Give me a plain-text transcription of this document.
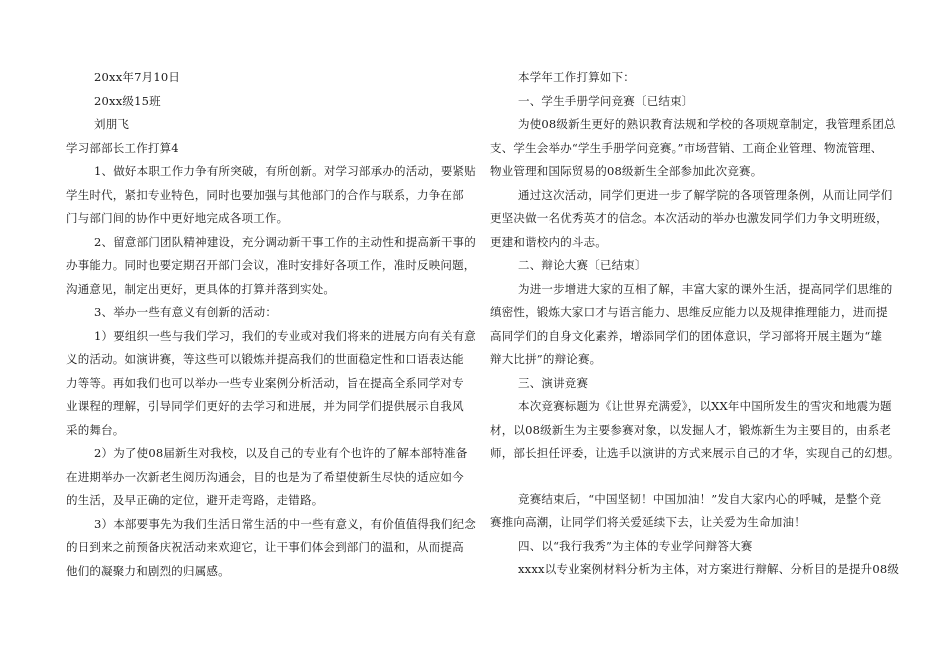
20xx年7月10日
20xx级15班
刘朋飞
学习部部长工作打算4
1、做好本职工作力争有所突破，有所创新。对学习部承办的活动，要紧贴
学生时代，紧扣专业特色，同时也要加强与其他部门的合作与联系，力争在部
门与部门间的协作中更好地完成各项工作。
2、留意部门团队精神建设，充分调动新干事工作的主动性和提高新干事的
办事能力。同时也要定期召开部门会议，准时安排好各项工作，准时反映问题，
沟通意见，制定出更好，更具体的打算并落到实处。
3、举办一些有意义有创新的活动：
1）要组织一些与我们学习，我们的专业或对我们将来的进展方向有关有意
义的活动。如演讲赛，等这些可以锻炼并提高我们的世面稳定性和口语表达能
力等等。再如我们也可以举办一些专业案例分析活动，旨在提高全系同学对专
业课程的理解，引导同学们更好的去学习和进展，并为同学们提供展示自我风
采的舞台。
2）为了使08届新生对我校，以及自己的专业有个也许的了解本部特准备
在进期举办一次新老生阅历沟通会，目的也是为了希望使新生尽快的适应如今
的生活，及早正确的定位，避开走弯路，走错路。
3）本部要事先为我们生活日常生活的中一些有意义，有价值值得我们纪念
的日到来之前预备庆祝活动来欢迎它，让干事们体会到部门的温和，从而提高
他们的凝聚力和剧烈的归属感。
本学年工作打算如下：
一、学生手册学问竞赛〔已结束〕
为使08级新生更好的熟识教育法规和学校的各项规章制定，我管理系团总
支、学生会举办“学生手册学问竞赛。”市场营销、工商企业管理、物流管理、
物业管理和国际贸易的08级新生全部参加此次竞赛。
通过这次活动，同学们更进一步了解学院的各项管理条例，从而让同学们
更坚决做一名优秀英才的信念。本次活动的举办也激发同学们力争文明班级，
更建和谐校内的斗志。
二、辩论大赛〔已结束〕
为进一步增进大家的互相了解，丰富大家的课外生活，提高同学们思维的
缜密性，锻炼大家口才与语言能力、思维反应能力以及规律推理能力，进而提
高同学们的自身文化素养，增添同学们的团体意识，学习部将开展主题为“雄
辩大比拼”的辩论赛。
三、演讲竞赛
本次竞赛标题为《让世界充满爱》，以XX年中国所发生的雪灾和地震为题
材，以08级新生为主要参赛对象，以发掘人才，锻炼新生为主要目的，由系老
师，部长担任评委，让选手以演讲的方式来展示自己的才华，实现自己的幻想。
竞赛结束后，“中国坚韧！中国加油！”发自大家内心的呼喊，是整个竞
赛推向高潮，让同学们将关爱延续下去，让关爱为生命加油！
四、以“我行我秀”为主体的专业学问辩答大赛
xxxx以专业案例材料分析为主体，对方案进行辩解、分析目的是提升08级
